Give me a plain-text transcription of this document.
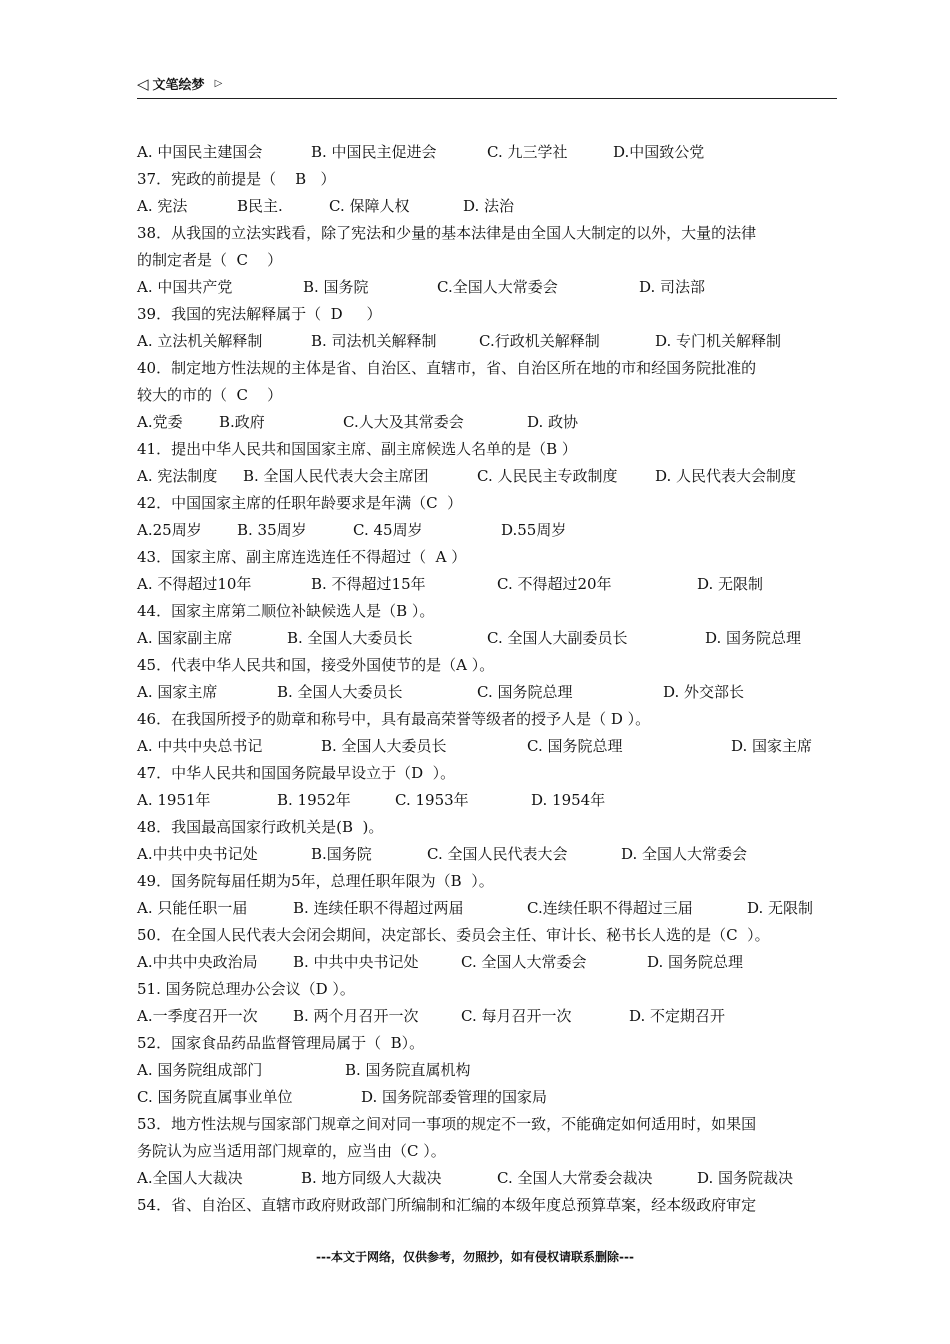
◁ 文笔绘梦 ▷
A. 中国民主建国会	B. 中国民主促进会	C. 九三学社	D.中国致公党
37．宪政的前提是（    B   ）
A. 宪法	B民主.	C. 保障人权	D. 法治
38．从我国的立法实践看，除了宪法和少量的基本法律是由全国人大制定的以外，大量的法律
的制定者是（  C    ）
A. 中国共产党	B. 国务院	C.全国人大常委会	D. 司法部
39．我国的宪法解释属于（  D     ）
A. 立法机关解释制	B. 司法机关解释制	C.行政机关解释制	D. 专门机关解释制
40．制定地方性法规的主体是省、自治区、直辖市，省、自治区所在地的市和经国务院批准的
较大的市的（  C    ）
A.党委 B.政府	C.人大及其常委会	D. 政协
41．提出中华人民共和国国家主席、副主席候选人名单的是（B ）
A. 宪法制度 B. 全国人民代表大会主席团	C. 人民民主专政制度	D. 人民代表大会制度
42．中国国家主席的任职年龄要求是年满（C  ）
A.25周岁 B. 35周岁	C. 45周岁	D.55周岁
43．国家主席、副主席连选连任不得超过（  A ）
A. 不得超过10年	B. 不得超过15年	C. 不得超过20年	D. 无限制
44．国家主席第二顺位补缺候选人是（B ）。
A. 国家副主席	B. 全国人大委员长	C. 全国人大副委员长	D. 国务院总理
45．代表中华人民共和国，接受外国使节的是（A ）。
A. 国家主席	B. 全国人大委员长	C. 国务院总理	D. 外交部长
46．在我国所授予的勋章和称号中，具有最高荣誉等级者的授予人是（ D ）。
A. 中共中央总书记	B. 全国人大委员长	C. 国务院总理	D. 国家主席
47．中华人民共和国国务院最早设立于（D  ）。
A. 1951年	B. 1952年	C. 1953年	D. 1954年
48．我国最高国家行政机关是(B  )。
A.中共中央书记处	B.国务院	C. 全国人民代表大会	D. 全国人大常委会
49．国务院每届任期为5年，总理任职年限为（B  ）。
A. 只能任职一届	B. 连续任职不得超过两届	C.连续任职不得超过三届	D. 无限制
50．在全国人民代表大会闭会期间，决定部长、委员会主任、审计长、秘书长人选的是（C  ）。
A.中共中央政治局 B. 中共中央书记处	C. 全国人大常委会	D. 国务院总理
51. 国务院总理办公会议（D ）。
A.一季度召开一次 B. 两个月召开一次	C. 每月召开一次	D. 不定期召开
52．国家食品药品监督管理局属于（  B）。
A. 国务院组成部门	B. 国务院直属机构
C. 国务院直属事业单位	D. 国务院部委管理的国家局
53．地方性法规与国家部门规章之间对同一事项的规定不一致，不能确定如何适用时，如果国
务院认为应当适用部门规章的，应当由（C ）。
A.全国人大裁决	B. 地方同级人大裁决	C. 全国人大常委会裁决	D. 国务院裁决
54．省、自治区、直辖市政府财政部门所编制和汇编的本级年度总预算草案，经本级政府审定
---本文于网络，仅供参考，勿照抄，如有侵权请联系删除---
